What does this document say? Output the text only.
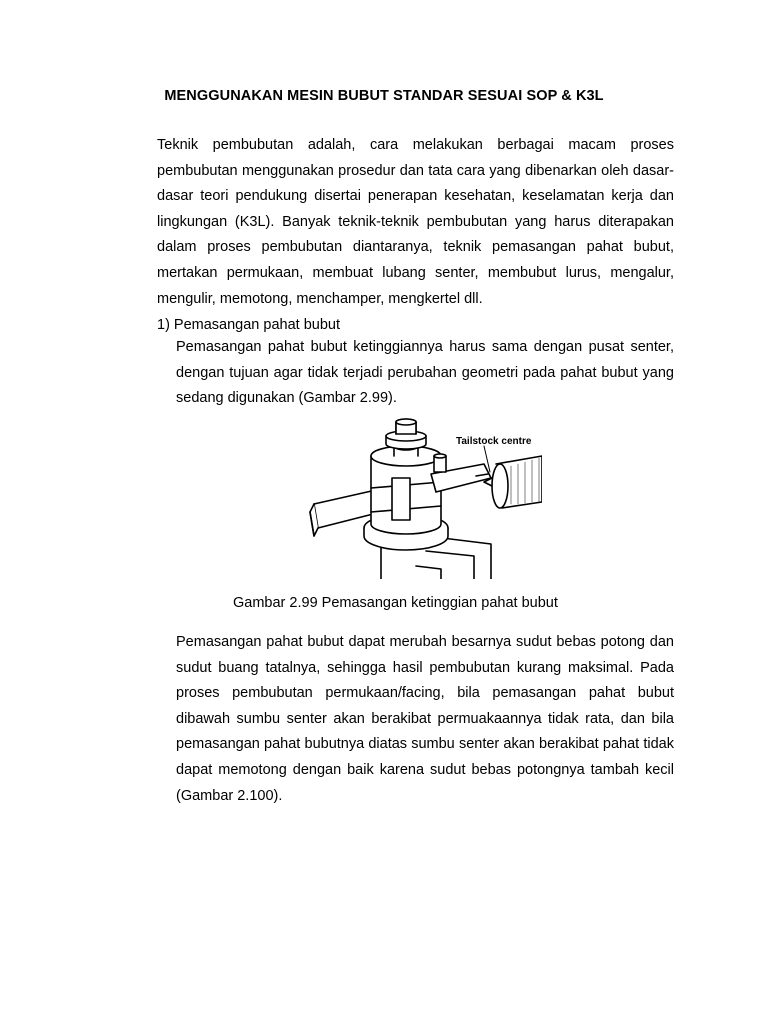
MENGGUNAKAN MESIN BUBUT STANDAR SESUAI SOP & K3L
Teknik pembubutan adalah, cara melakukan berbagai macam proses pembubutan menggunakan prosedur dan tata cara yang dibenarkan oleh dasar-dasar teori pendukung disertai penerapan kesehatan, keselamatan kerja dan lingkungan (K3L). Banyak teknik-teknik pembubutan yang harus diterapakan dalam proses pembubutan diantaranya, teknik pemasangan pahat bubut, mertakan permukaan, membuat lubang senter, membubut lurus, mengalur, mengulir, memotong, menchamper, mengkertel dll.
1) Pemasangan pahat bubut
Pemasangan pahat bubut ketinggiannya harus sama dengan pusat senter, dengan tujuan agar tidak terjadi perubahan geometri pada pahat bubut yang sedang digunakan (Gambar 2.99).
Tailstock centre
Gambar 2.99 Pemasangan ketinggian pahat bubut
Pemasangan pahat bubut dapat merubah besarnya sudut bebas potong dan sudut buang tatalnya, sehingga hasil pembubutan kurang maksimal. Pada proses pembubutan permukaan/facing, bila pemasangan pahat bubut dibawah sumbu senter akan berakibat permuakaannya tidak rata, dan bila pemasangan pahat bubutnya diatas sumbu senter akan berakibat pahat tidak dapat memotong dengan baik karena sudut bebas potongnya tambah kecil (Gambar 2.100).
